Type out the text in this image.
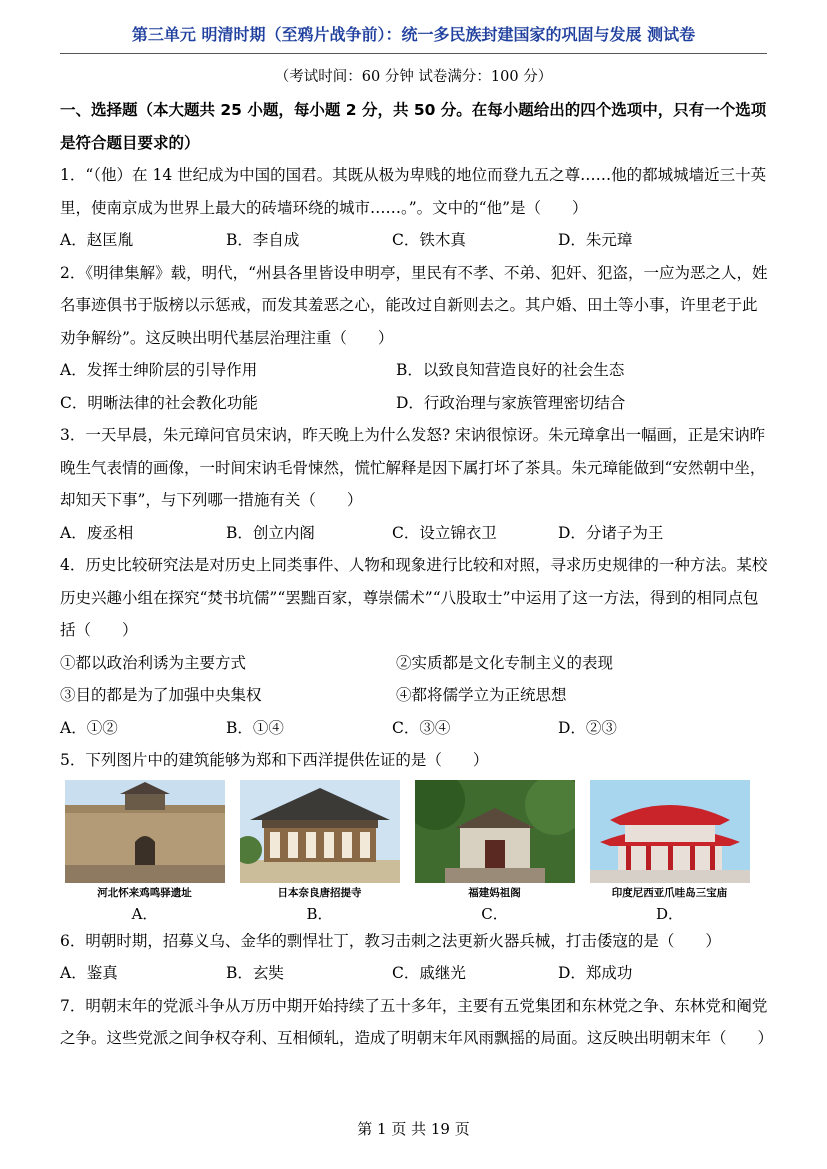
第三单元 明清时期（至鸦片战争前）：统一多民族封建国家的巩固与发展 测试卷
（考试时间：60 分钟 试卷满分：100 分）

一、选择题（本大题共 25 小题，每小题 2 分，共 50 分。在每小题给出的四个选项中，只有一个选项是符合题目要求的）

1．“（他）在 14 世纪成为中国的国君。其既从极为卑贱的地位而登九五之尊……他的都城城墙近三十英里，使南京成为世界上最大的砖墙环绕的城市……。”。文中的“他”是（　　）

A．赵匡胤	B．李自成	C．铁木真	D．朱元璋

2．《明律集解》载，明代，“州县各里皆设申明亭，里民有不孝、不弟、犯奸、犯盗，一应为恶之人，姓名事迹俱书于版榜以示惩戒，而发其羞恶之心，能改过自新则去之。其户婚、田土等小事，许里老于此劝争解纷”。这反映出明代基层治理注重（　　）

A．发挥士绅阶层的引导作用	B．以致良知营造良好的社会生态
C．明晰法律的社会教化功能	D．行政治理与家族管理密切结合

3．一天早晨，朱元璋问官员宋讷，昨天晚上为什么发怒? 宋讷很惊讶。朱元璋拿出一幅画，正是宋讷昨晚生气表情的画像，一时间宋讷毛骨悚然，慌忙解释是因下属打坏了茶具。朱元璋能做到“安然朝中坐，却知天下事”，与下列哪一措施有关（　　）

A．废丞相	B．创立内阁	C．设立锦衣卫	D．分诸子为王

4．历史比较研究法是对历史上同类事件、人物和现象进行比较和对照，寻求历史规律的一种方法。某校历史兴趣小组在探究“焚书坑儒”“罢黜百家，尊崇儒术”“八股取士”中运用了这一方法，得到的相同点包括（　　）

①都以政治利诱为主要方式	②实质都是文化专制主义的表现
③目的都是为了加强中央集权	④都将儒学立为正统思想
A．①②	B．①④	C．③④	D．②③

5．下列图片中的建筑能够为郑和下西洋提供佐证的是（　　）

河北怀来鸡鸣驿遗址
A．
日本奈良唐招提寺
B．
福建妈祖阁
C．
印度尼西亚爪哇岛三宝庙
D．

6．明朝时期，招募义乌、金华的剽悍壮丁，教习击刺之法更新火器兵械，打击倭寇的是（　　）

A．鉴真	B．玄奘	C．戚继光	D．郑成功

7．明朝末年的党派斗争从万历中期开始持续了五十多年，主要有五党集团和东林党之争、东林党和阉党之争。这些党派之间争权夺利、互相倾轧，造成了明朝末年风雨飘摇的局面。这反映出明朝末年（　　）

第 1 页 共 19 页
